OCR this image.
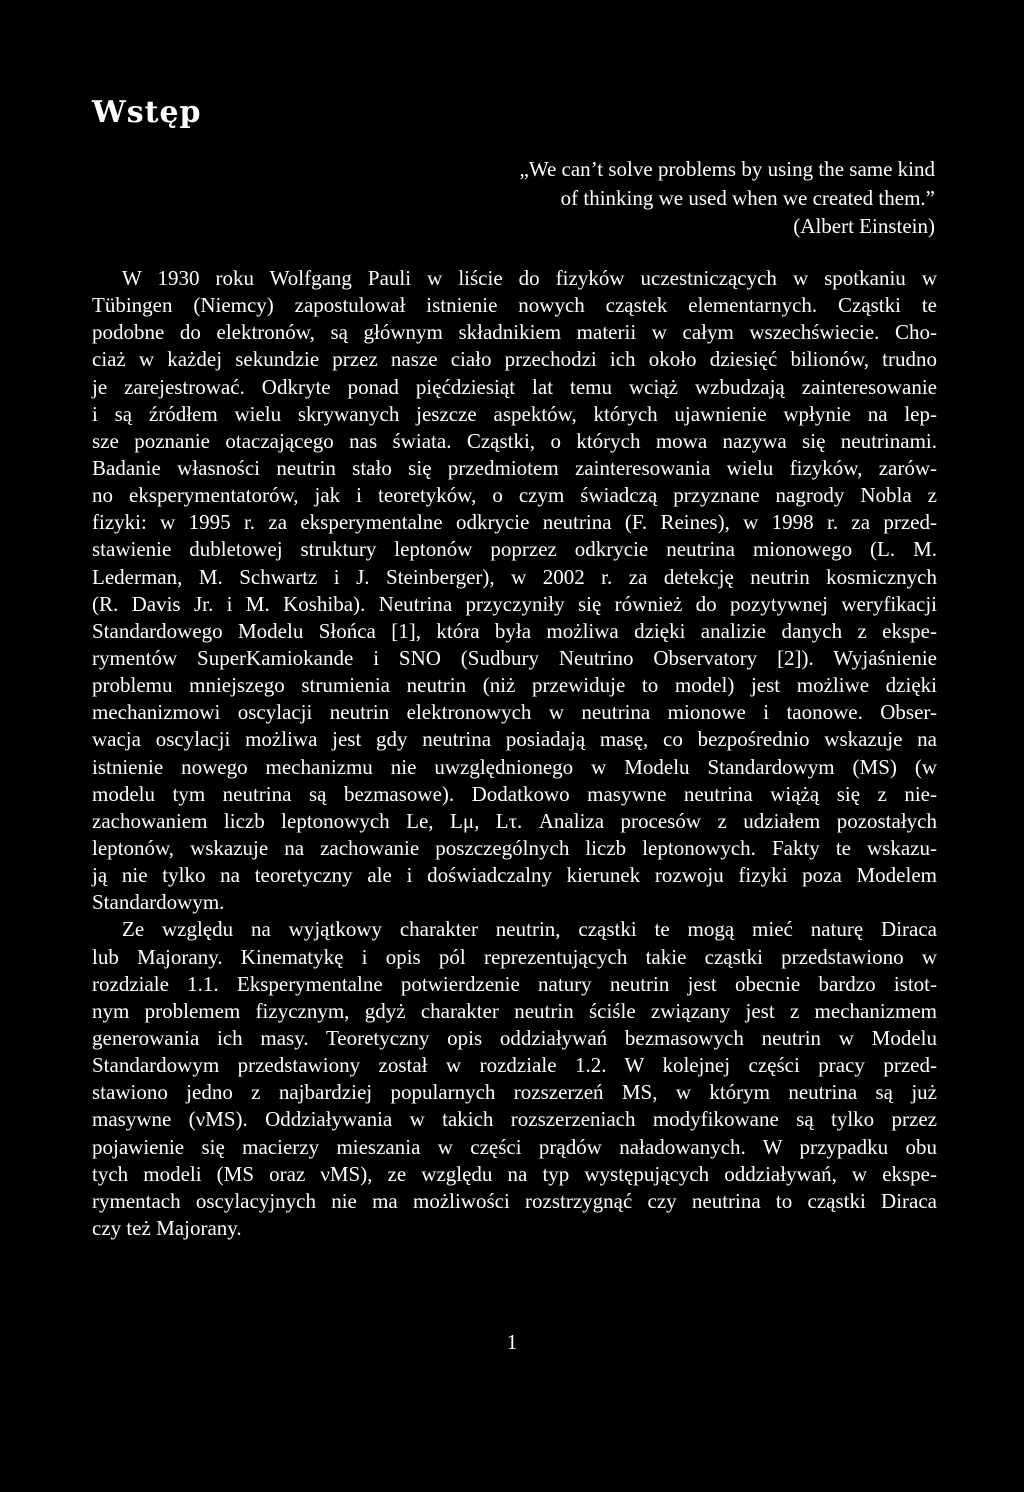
Wstęp
„We can’t solve problems by using the same kind
of thinking we used when we created them.”
(Albert Einstein)
W 1930 roku Wolfgang Pauli w liście do fizyków uczestniczących w spotkaniu w
Tübingen (Niemcy) zapostulował istnienie nowych cząstek elementarnych. Cząstki te
podobne do elektronów, są głównym składnikiem materii w całym wszechświecie. Cho-
ciaż w każdej sekundzie przez nasze ciało przechodzi ich około dziesięć bilionów, trudno
je zarejestrować. Odkryte ponad pięćdziesiąt lat temu wciąż wzbudzają zainteresowanie
i są źródłem wielu skrywanych jeszcze aspektów, których ujawnienie wpłynie na lep-
sze poznanie otaczającego nas świata. Cząstki, o których mowa nazywa się neutrinami.
Badanie własności neutrin stało się przedmiotem zainteresowania wielu fizyków, zarów-
no eksperymentatorów, jak i teoretyków, o czym świadczą przyznane nagrody Nobla z
fizyki: w 1995 r. za eksperymentalne odkrycie neutrina (F. Reines), w 1998 r. za przed-
stawienie dubletowej struktury leptonów poprzez odkrycie neutrina mionowego (L. M.
Lederman, M. Schwartz i J. Steinberger), w 2002 r. za detekcję neutrin kosmicznych
(R. Davis Jr. i M. Koshiba). Neutrina przyczyniły się również do pozytywnej weryfikacji
Standardowego Modelu Słońca [1], która była możliwa dzięki analizie danych z ekspe-
rymentów SuperKamiokande i SNO (Sudbury Neutrino Observatory [2]). Wyjaśnienie
problemu mniejszego strumienia neutrin (niż przewiduje to model) jest możliwe dzięki
mechanizmowi oscylacji neutrin elektronowych w neutrina mionowe i taonowe. Obser-
wacja oscylacji możliwa jest gdy neutrina posiadają masę, co bezpośrednio wskazuje na
istnienie nowego mechanizmu nie uwzględnionego w Modelu Standardowym (MS) (w
modelu tym neutrina są bezmasowe). Dodatkowo masywne neutrina wiążą się z nie-
zachowaniem liczb leptonowych Le, Lμ, Lτ. Analiza procesów z udziałem pozostałych
leptonów, wskazuje na zachowanie poszczególnych liczb leptonowych. Fakty te wskazu-
ją nie tylko na teoretyczny ale i doświadczalny kierunek rozwoju fizyki poza Modelem
Standardowym.
Ze względu na wyjątkowy charakter neutrin, cząstki te mogą mieć naturę Diraca
lub Majorany. Kinematykę i opis pól reprezentujących takie cząstki przedstawiono w
rozdziale 1.1. Eksperymentalne potwierdzenie natury neutrin jest obecnie bardzo istot-
nym problemem fizycznym, gdyż charakter neutrin ściśle związany jest z mechanizmem
generowania ich masy. Teoretyczny opis oddziaływań bezmasowych neutrin w Modelu
Standardowym przedstawiony został w rozdziale 1.2. W kolejnej części pracy przed-
stawiono jedno z najbardziej popularnych rozszerzeń MS, w którym neutrina są już
masywne (νMS). Oddziaływania w takich rozszerzeniach modyfikowane są tylko przez
pojawienie się macierzy mieszania w części prądów naładowanych. W przypadku obu
tych modeli (MS oraz νMS), ze względu na typ występujących oddziaływań, w ekspe-
rymentach oscylacyjnych nie ma możliwości rozstrzygnąć czy neutrina to cząstki Diraca
czy też Majorany.
1
